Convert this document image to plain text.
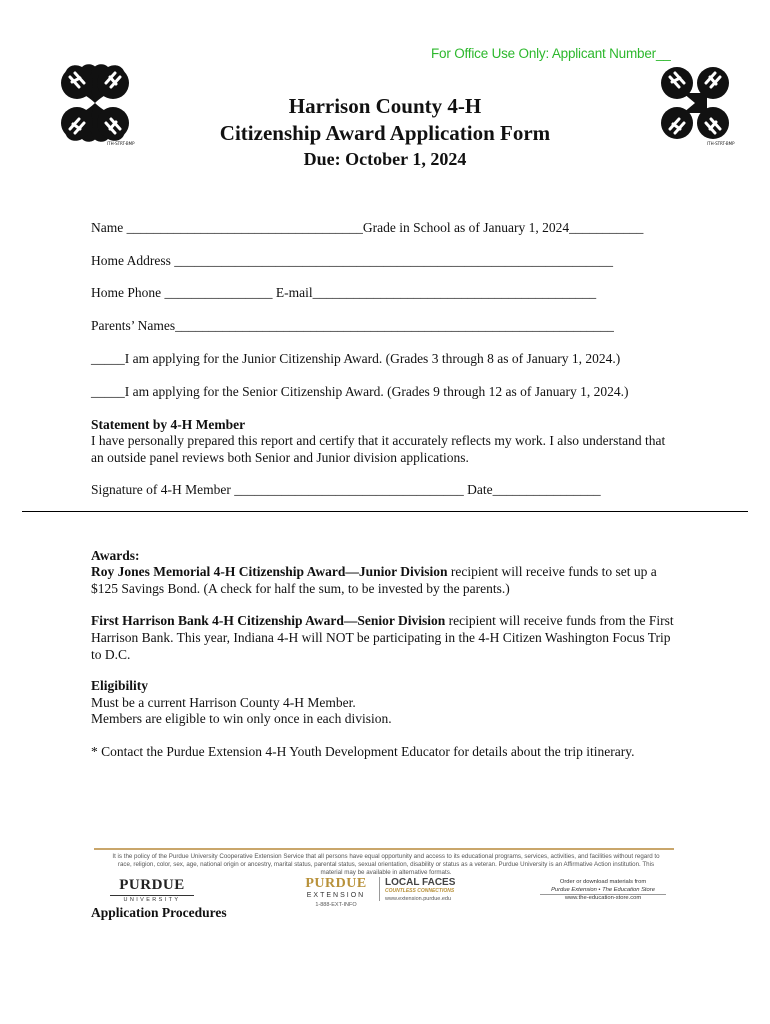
For Office Use Only: Applicant Number__
ITH-STRT-BMP	ITH-STRT-BMP
Harrison County 4-H
Citizenship Award Application Form
Due: October 1, 2024
Name ___________________________________Grade in School as of January 1, 2024___________
Home Address _________________________________________________________________
Home Phone ________________ E-mail__________________________________________
Parents’ Names_________________________________________________________________
_____I am applying for the Junior Citizenship Award. (Grades 3 through 8 as of January 1, 2024.)
_____I am applying for the Senior Citizenship Award. (Grades 9 through 12 as of January 1, 2024.)
Statement by 4-H Member
I have personally prepared this report and certify that it accurately reflects my work. I also understand that an outside panel reviews both Senior and Junior division applications.
Signature of 4-H Member __________________________________ Date________________
Awards:
Roy Jones Memorial 4-H Citizenship Award—Junior Division recipient will receive funds to set up a $125 Savings Bond. (A check for half the sum, to be invested by the parents.)
First Harrison Bank 4-H Citizenship Award—Senior Division recipient will receive funds from the First Harrison Bank. This year, Indiana 4-H will NOT be participating in the 4-H Citizen Washington Focus Trip to D.C.
Eligibility
Must be a current Harrison County 4-H Member.
Members are eligible to win only once in each division.
* Contact the Purdue Extension 4-H Youth Development Educator for details about the trip itinerary.
It is the policy of the Purdue University Cooperative Extension Service that all persons have equal opportunity and access to its educational programs, services, activities, and facilities without regard to race, religion, color, sex, age, national origin or ancestry, marital status, parental status, sexual orientation, disability or status as a veteran. Purdue University is an Affirmative Action institution. This material may be available in alternative formats.
PURDUE
UNIVERSITY
PURDUE
EXTENSION
1-888-EXT-INFO
LOCAL FACES
COUNTLESS CONNECTIONS
www.extension.purdue.edu
Order or download materials from
Purdue Extension • The Education Store
www.the-education-store.com
Application Procedures
